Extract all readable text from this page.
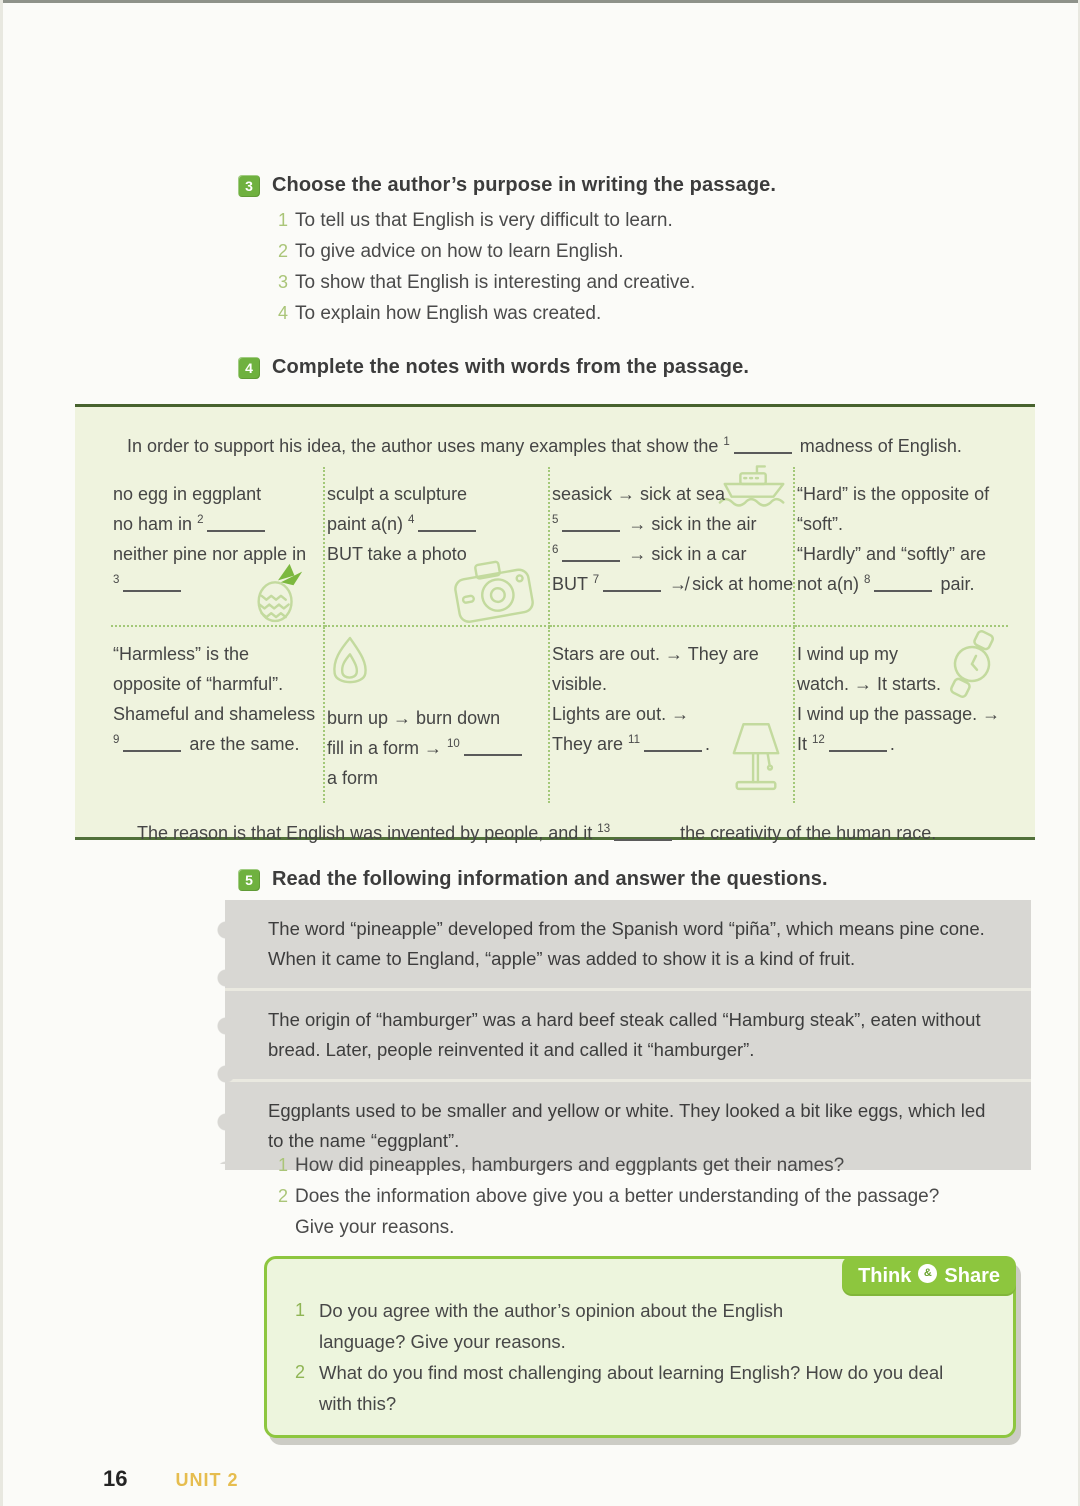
3 Choose the author’s purpose in writing the passage.
1 To tell us that English is very difficult to learn.
2 To give advice on how to learn English.
3 To show that English is interesting and creative.
4 To explain how English was created.
4 Complete the notes with words from the passage.
In order to support his idea, the author uses many examples that show the $^1$	madness of English.
no egg in eggplant
no ham in $^2$
neither pine nor apple in
$^3$
sculpt a sculpture
paint a(n) $^4$
BUT take a photo
seasick → sick at sea
$^5$	→ sick in the air
$^6$	→ sick in a car
BUT $^7$	↛ sick at home
“Hard” is the opposite of
“soft”.
“Hardly” and “softly” are
not a(n) $^8$	pair.
“Harmless” is the
opposite of “harmful”.
Shameful and shameless
$^9$	are the same.
burn up → burn down
fill in a form → $^{10}$
a form
Stars are out. → They are
visible.
Lights are out. →
They are $^{11}$	.
I wind up my
watch. → It starts.
I wind up the passage. →
It $^{12}$	.
The reason is that English was invented by people, and it $^{13}$	the creativity of the human race.
5 Read the following information and answer the questions.
The word “pineapple” developed from the Spanish word “piña”, which means pine cone. When it came to England, “apple” was added to show it is a kind of fruit.
The origin of “hamburger” was a hard beef steak called “Hamburg steak”, eaten without bread. Later, people reinvented it and called it “hamburger”.
Eggplants used to be smaller and yellow or white. They looked a bit like eggs, which led to the name “eggplant”.
1 How did pineapples, hamburgers and eggplants get their names?
2 Does the information above give you a better understanding of the passage? Give your reasons.
Think & Share
1 Do you agree with the author’s opinion about the English language? Give your reasons.
2 What do you find most challenging about learning English? How do you deal with this?
16	UNIT 2
